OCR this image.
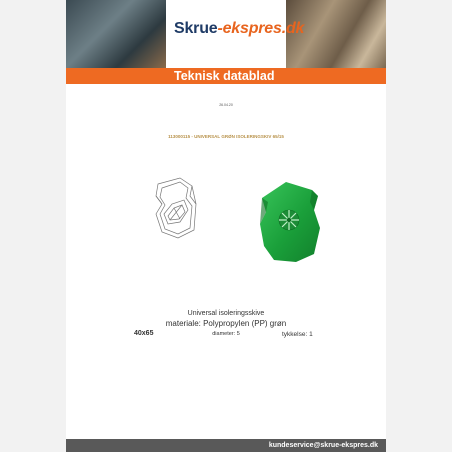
Skrue-ekspres.dk
Teknisk datablad
26.04.20
113000115 - UNIVERSAL GRØN ISOLERINGSKIV 65/15
Universal isoleringsskive
materiale: Polypropylen (PP) grøn
40x65	diameter: 5	tykkelse: 1
kundeservice@skrue-ekspres.dk
